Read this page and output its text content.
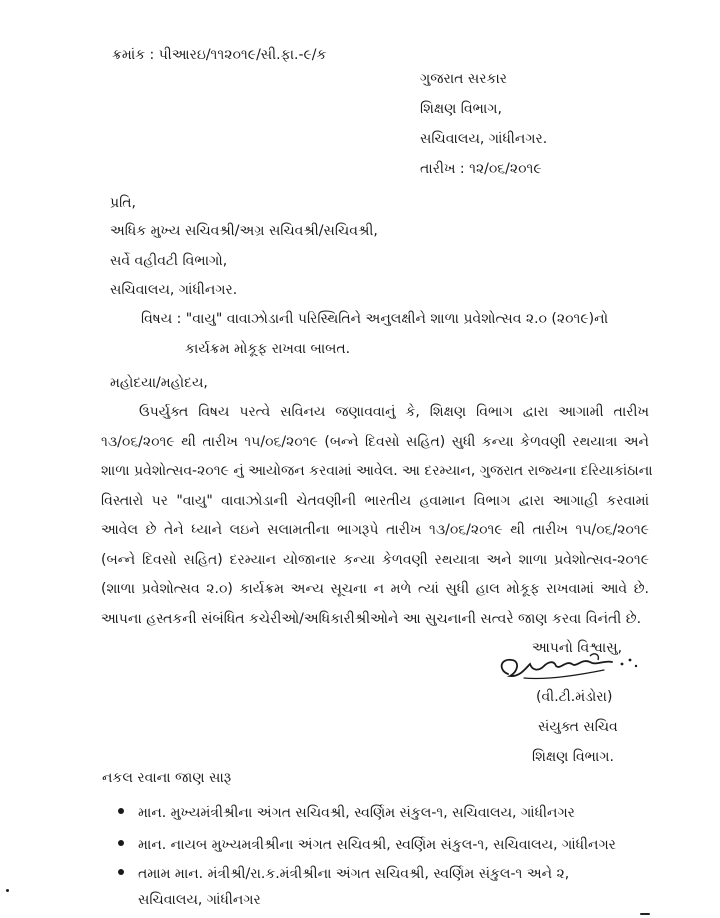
ક્રમાંક : પીઆરઇ/૧૧૨૦૧૯/સી.ફા.-૯/ક
ગુજરાત સરકાર
શિક્ષણ વિભાગ,
સચિવાલય, ગાંધીનગર.
તારીખ : ૧૨/૦૬/૨૦૧૯
પ્રતિ,
અધિક મુખ્ય સચિવશ્રી/અગ્ર સચિવશ્રી/સચિવશ્રી,
સર્વે વહીવટી વિભાગો,
સચિવાલય, ગાંધીનગર.
વિષય : "વાયુ" વાવાઝોડાની પરિસ્થિતિને અનુલક્ષીને શાળા પ્રવેશોત્સવ ૨.૦ (૨૦૧૯)નો
કાર્યક્રમ મોકૂફ રાખવા બાબત.
મહોદયા/મહોદય,
ઉપર્યુક્ત વિષય પરત્વે સવિનય જણાવવાનું કે, શિક્ષણ વિભાગ દ્વારા આગામી તારીખ
૧૩/૦૬/૨૦૧૯ થી તારીખ ૧૫/૦૬/૨૦૧૯ (બન્ને દિવસો સહિત) સુધી કન્યા કેળવણી રથયાત્રા અને
શાળા પ્રવેશોત્સવ-૨૦૧૯ નું આયોજન કરવામાં આવેલ. આ દરમ્યાન, ગુજરાત રાજ્યના દરિયાકાંઠાના
વિસ્તારો પર "વાયુ" વાવાઝોડાની ચેતવણીની ભારતીય હવામાન વિભાગ દ્વારા આગાહી કરવામાં
આવેલ છે તેને ધ્યાને લઇને સલામતીના ભાગરૂપે તારીખ ૧૩/૦૬/૨૦૧૯ થી તારીખ ૧૫/૦૬/૨૦૧૯
(બન્ને દિવસો સહિત) દરમ્યાન યોજાનાર કન્યા કેળવણી રથયાત્રા અને શાળા પ્રવેશોત્સવ-૨૦૧૯
(શાળા પ્રવેશોત્સવ ૨.૦) કાર્યક્રમ અન્ય સૂચના ન મળે ત્યાં સુધી હાલ મોકૂફ રાખવામાં આવે છે.
આપના હસ્તકની સંબંધિત કચેરીઓ/અધિકારીશ્રીઓને આ સુચનાની સત્વરે જાણ કરવા વિનંતી છે.
આપનો વિશ્વાસુ,
(વી.ટી.મંડોરા)
સંયુક્ત સચિવ
શિક્ષણ વિભાગ.
નકલ રવાના જાણ સારૂ
માન. મુખ્યમંત્રીશ્રીના અંગત સચિવશ્રી, સ્વર્ણિમ સંકુલ-૧, સચિવાલય, ગાંધીનગર
માન. નાયબ મુખ્યમત્રીશ્રીના અંગત સચિવશ્રી, સ્વર્ણિમ સંકુલ-૧, સચિવાલય, ગાંધીનગર
તમામ માન. મંત્રીશ્રી/રા.ક.મંત્રીશ્રીના અંગત સચિવશ્રી, સ્વર્ણિમ સંકુલ-૧ અને ૨,
સચિવાલય, ગાંધીનગર
